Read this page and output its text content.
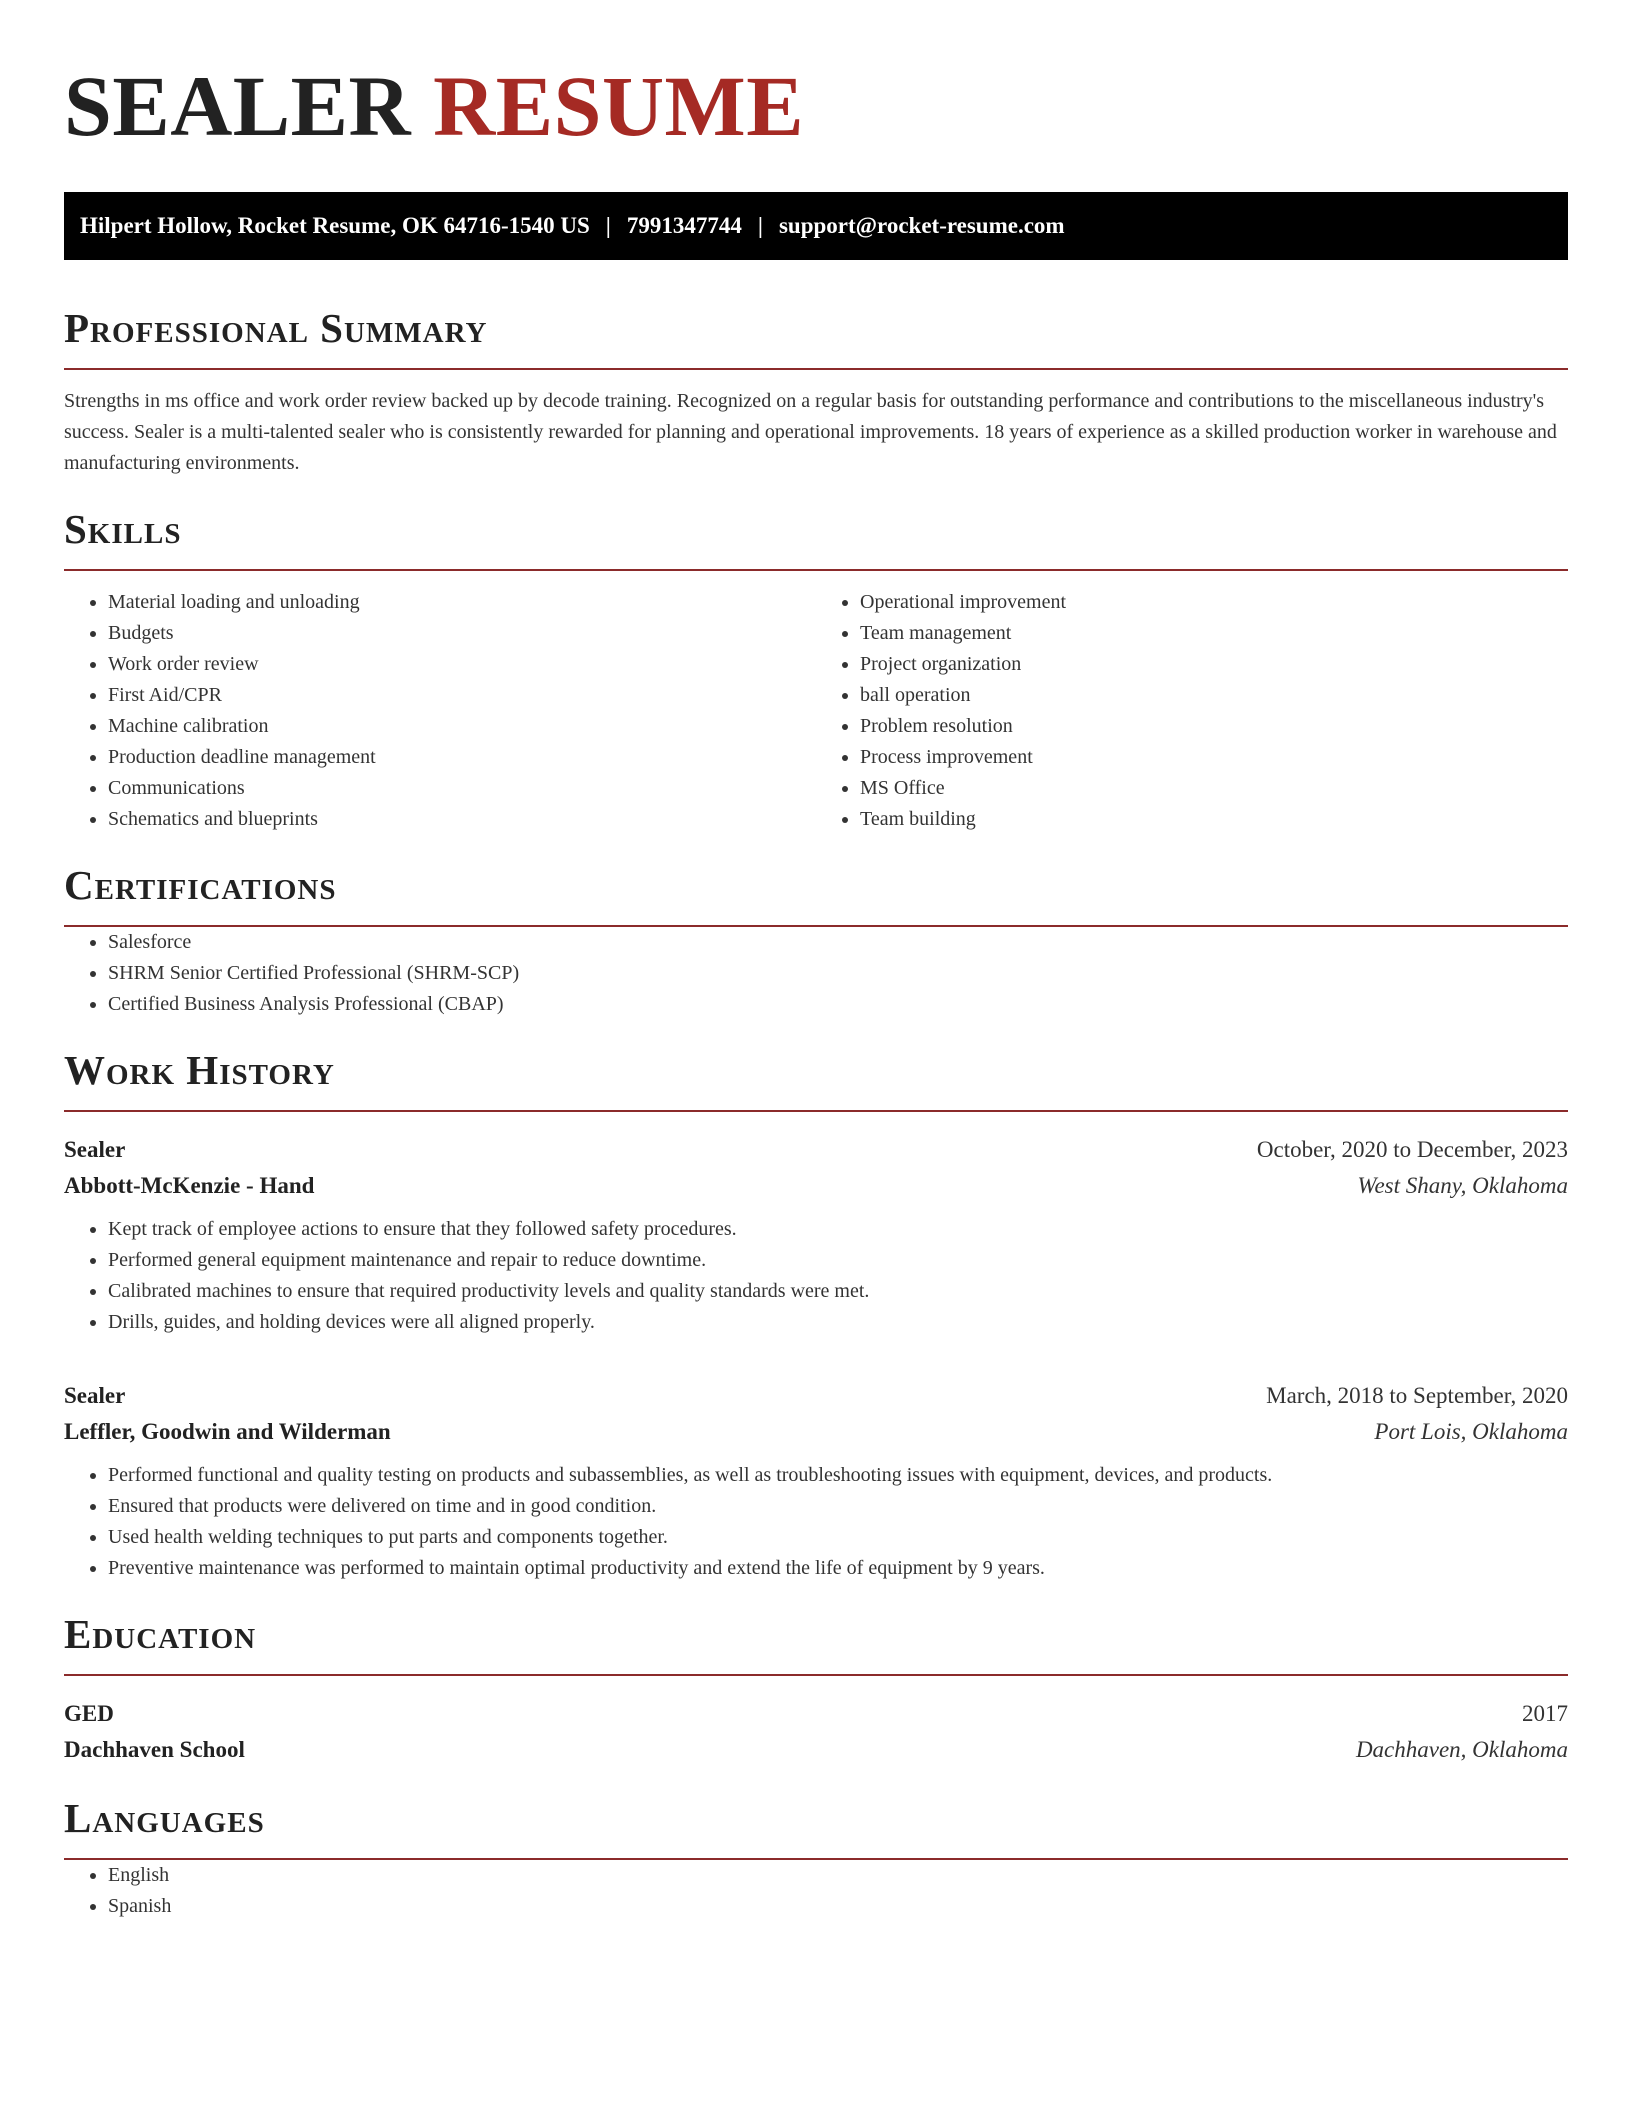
SEALER RESUME
Hilpert Hollow, Rocket Resume, OK 64716-1540 US | 7991347744 | support@rocket-resume.com
Professional Summary

Strengths in ms office and work order review backed up by decode training. Recognized on a regular basis for outstanding performance and contributions to the miscellaneous industry's success. Sealer is a multi-talented sealer who is consistently rewarded for planning and operational improvements. 18 years of experience as a skilled production worker in warehouse and manufacturing environments.

Skills
• Material loading and unloading
• Budgets
• Work order review
• First Aid/CPR
• Machine calibration
• Production deadline management
• Communications
• Schematics and blueprints
• Operational improvement
• Team management
• Project organization
• ball operation
• Problem resolution
• Process improvement
• MS Office
• Team building
Certifications
• Salesforce
• SHRM Senior Certified Professional (SHRM-SCP)
• Certified Business Analysis Professional (CBAP)
Work History
Sealer	October, 2020 to December, 2023
Abbott-McKenzie - Hand	West Shany, Oklahoma
• Kept track of employee actions to ensure that they followed safety procedures.
• Performed general equipment maintenance and repair to reduce downtime.
• Calibrated machines to ensure that required productivity levels and quality standards were met.
• Drills, guides, and holding devices were all aligned properly.
Sealer	March, 2018 to September, 2020
Leffler, Goodwin and Wilderman	Port Lois, Oklahoma
• Performed functional and quality testing on products and subassemblies, as well as troubleshooting issues with equipment, devices, and products.
• Ensured that products were delivered on time and in good condition.
• Used health welding techniques to put parts and components together.
• Preventive maintenance was performed to maintain optimal productivity and extend the life of equipment by 9 years.
Education
GED	2017
Dachhaven School	Dachhaven, Oklahoma
Languages
• English
• Spanish
